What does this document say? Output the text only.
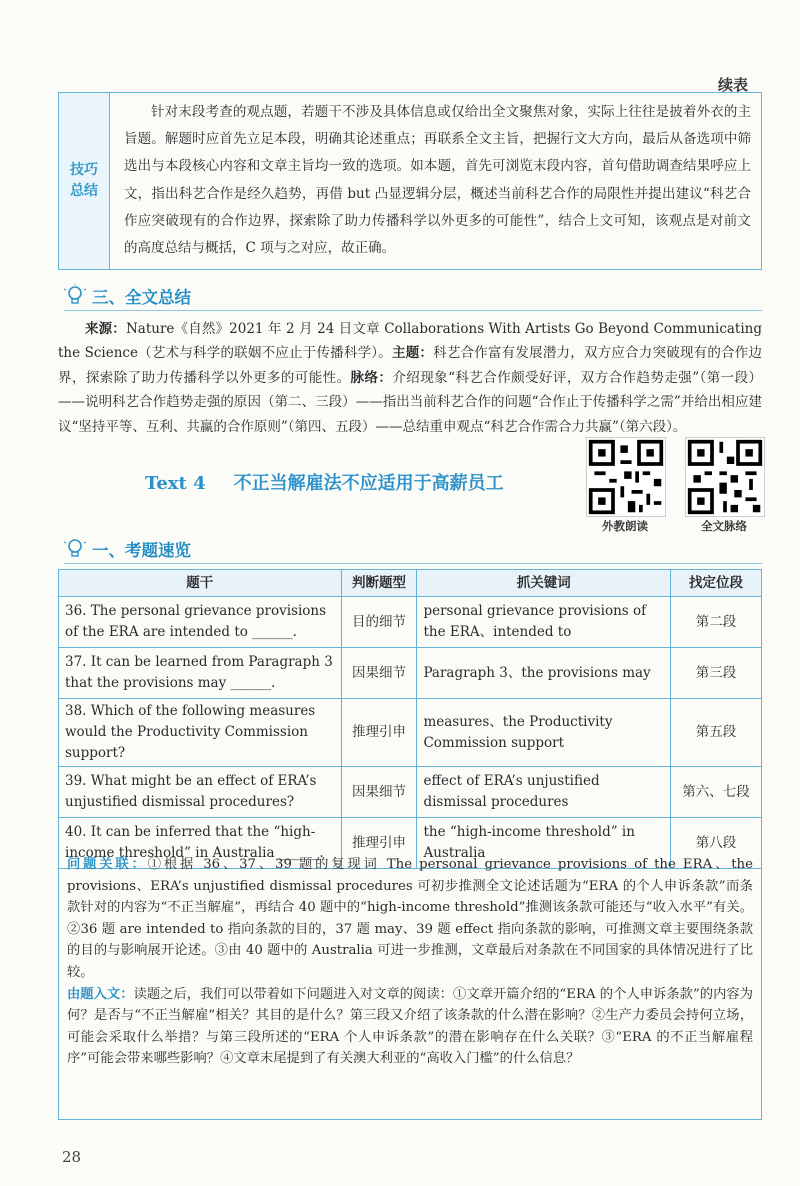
续表
技巧
总结
针对末段考查的观点题，若题干不涉及具体信息或仅给出全文聚焦对象，实际上往往是披着外衣的主旨题。解题时应首先立足本段，明确其论述重点；再联系全文主旨，把握行文大方向，最后从备选项中筛选出与本段核心内容和文章主旨均一致的选项。如本题，首先可浏览末段内容，首句借助调查结果呼应上文，指出科艺合作是经久趋势，再借 but 凸显逻辑分层，概述当前科艺合作的局限性并提出建议“科艺合作应突破现有的合作边界，探索除了助力传播科学以外更多的可能性”，结合上文可知，该观点是对前文的高度总结与概括，C 项与之对应，故正确。
三、全文总结
来源：Nature《自然》2021 年 2 月 24 日文章 Collaborations With Artists Go Beyond Communicating the Science（艺术与科学的联姻不应止于传播科学）。主题：科艺合作富有发展潜力，双方应合力突破现有的合作边界，探索除了助力传播科学以外更多的可能性。脉络：介绍现象“科艺合作颇受好评，双方合作趋势走强”（第一段）——说明科艺合作趋势走强的原因（第二、三段）——指出当前科艺合作的问题“合作止于传播科学之需”并给出相应建议“坚持平等、互利、共赢的合作原则”（第四、五段）——总结重申观点“科艺合作需合力共赢”（第六段）。
Text 4 不正当解雇法不应适用于高薪员工
外教朗读	全文脉络
一、考题速览
题干	判断题型	抓关键词	找定位段
36. The personal grievance provisions of the ERA are intended to ______.	目的细节	personal grievance provisions of the ERA、intended to	第二段
37. It can be learned from Paragraph 3 that the provisions may ______.	因果细节	Paragraph 3、the provisions may	第三段
38. Which of the following measures would the Productivity Commission support?	推理引申	measures、the Productivity Commission support	第五段
39. What might be an effect of ERA’s unjustified dismissal procedures?	因果细节	effect of ERA’s unjustified dismissal procedures	第六、七段
40. It can be inferred that the “high-income threshold” in Australia ______.	推理引申	the “high-income threshold” in Australia	第八段
问题关联：①根据 36、37、39 题的复现词 The personal grievance provisions of the ERA、the provisions、ERA’s unjustified dismissal procedures 可初步推测全文论述话题为“ERA 的个人申诉条款”而条款针对的内容为“不正当解雇”，再结合 40 题中的“high-income threshold”推测该条款可能还与“收入水平”有关。②36 题 are intended to 指向条款的目的，37 题 may、39 题 effect 指向条款的影响，可推测文章主要围绕条款的目的与影响展开论述。③由 40 题中的 Australia 可进一步推测，文章最后对条款在不同国家的具体情况进行了比较。
由题入文：读题之后，我们可以带着如下问题进入对文章的阅读：①文章开篇介绍的“ERA 的个人申诉条款”的内容为何？是否与“不正当解雇”相关？其目的是什么？第三段又介绍了该条款的什么潜在影响？②生产力委员会持何立场，可能会采取什么举措？与第三段所述的“ERA 个人申诉条款”的潜在影响存在什么关联？③“ERA 的不正当解雇程序”可能会带来哪些影响？④文章末尾提到了有关澳大利亚的“高收入门槛”的什么信息？
28
